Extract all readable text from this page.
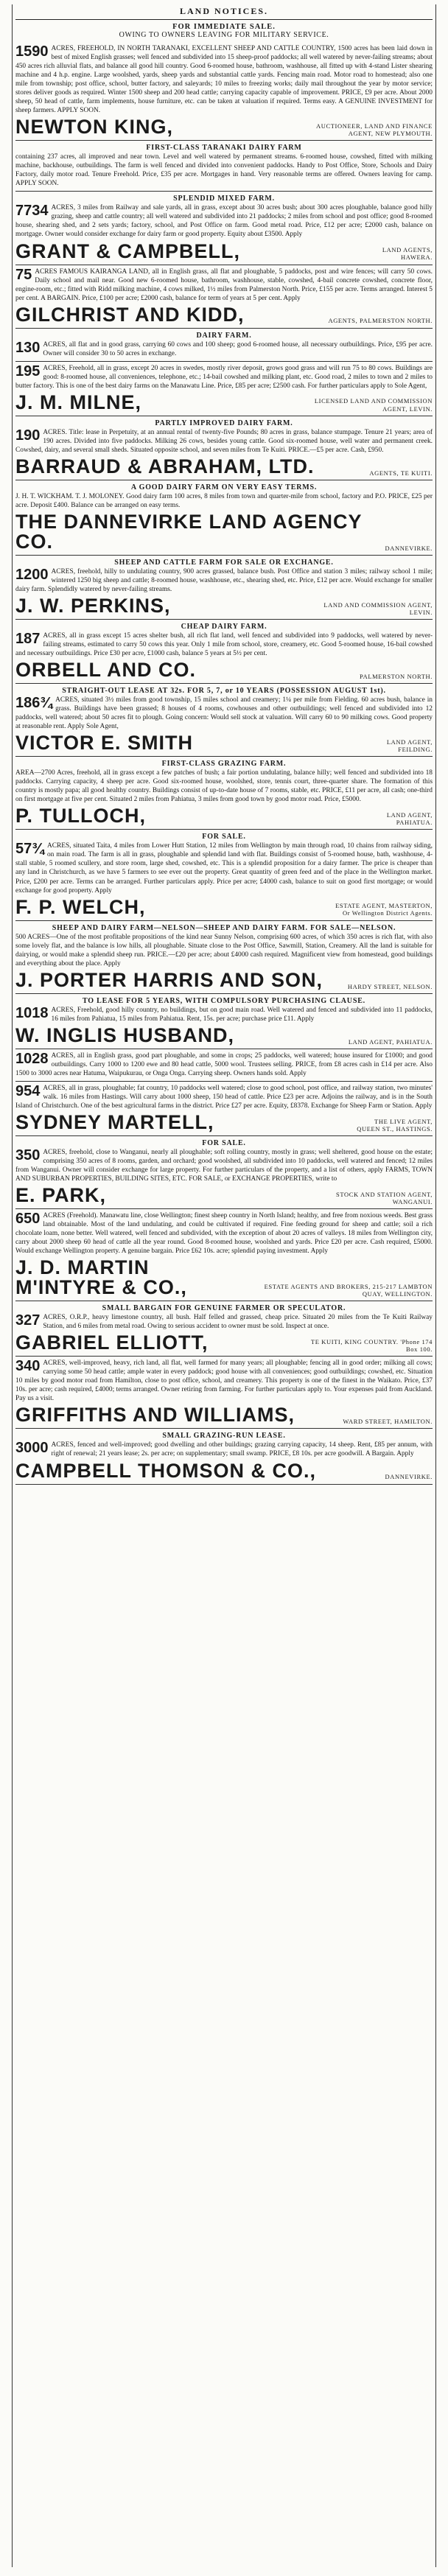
LAND NOTICES.
FOR IMMEDIATE SALE.
OWING TO OWNERS LEAVING FOR MILITARY SERVICE.
1590 ACRES, FREEHOLD, IN NORTH TARANAKI, EXCELLENT SHEEP AND CATTLE COUNTRY, 1500 acres has been laid down in best of mixed English grasses; well fenced and subdivided into 15 sheep-proof paddocks; all well watered by never-failing streams; about 450 acres rich alluvial flats, and balance all good hill country. Good 6-roomed house, bathroom, washhouse, all fitted up with 4-stand Lister shearing machine and 4 h.p. engine. Large woolshed, yards, sheep yards and substantial cattle yards. Fencing main road. Motor road to homestead; also one mile from township; post office, school, butter factory, and saleyards; 10 miles to freezing works; daily mail throughout the year by motor service; stores deliver goods as required. Winter 1500 sheep and 200 head cattle; carrying capacity capable of improvement. PRICE, £9 per acre. About 2000 sheep, 50 head of cattle, farm implements, house furniture, etc. can be taken at valuation if required. Terms easy. A GENUINE INVESTMENT for sheep farmers. APPLY SOON.
NEWTON KING,	AUCTIONEER, LAND AND FINANCE
AGENT, NEW PLYMOUTH.
FIRST-CLASS TARANAKI DAIRY FARM
containing 237 acres, all improved and near town. Level and well watered by permanent streams. 6-roomed house, cowshed, fitted with milking machine, backhouse, outbuildings. The farm is well fenced and divided into convenient paddocks. Handy to Post Office, Store, Schools and Dairy Factory, daily motor road. Tenure Freehold. Price, £35 per acre. Mortgages in hand. Very reasonable terms are offered. Owners leaving for camp. APPLY SOON.
SPLENDID MIXED FARM.
7734 ACRES, 3 miles from Railway and sale yards, all in grass, except about 30 acres bush; about 300 acres ploughable, balance good hilly grazing, sheep and cattle country; all well watered and subdivided into 21 paddocks; 2 miles from school and post office; good 8-roomed house, shearing shed, and 2 sets yards; factory, school, and Post Office on farm. Good metal road. Price, £12 per acre; £2000 cash, balance on mortgage. Owner would consider exchange for dairy farm or good property. Equity about £3500. Apply
GRANT & CAMPBELL,	LAND AGENTS,
HAWERA.
75 ACRES FAMOUS KAIRANGA LAND, all in English grass, all flat and ploughable, 5 paddocks, post and wire fences; will carry 50 cows. Daily school and mail near. Good new 6-roomed house, bathroom, washhouse, stable, cowshed, 4-bail concrete cowshed, concrete floor, engine-room, etc.; fitted with Ridd milking machine, 4 cows milked, 1½ miles from Palmerston North. Price, £155 per acre. Terms arranged. Interest 5 per cent. A BARGAIN. Price, £100 per acre; £2000 cash, balance for term of years at 5 per cent. Apply
GILCHRIST AND KIDD,	AGENTS, PALMERSTON NORTH.
DAIRY FARM.
130 ACRES, all flat and in good grass, carrying 60 cows and 100 sheep; good 6-roomed house, all necessary outbuildings. Price, £95 per acre. Owner will consider 30 to 50 acres in exchange.
195 ACRES, Freehold, all in grass, except 20 acres in swedes, mostly river deposit, grows good grass and will run 75 to 80 cows. Buildings are good: 8-roomed house, all conveniences, telephone, etc.; 14-bail cowshed and milking plant, etc. Good road, 2 miles to town and 2 miles to butter factory. This is one of the best dairy farms on the Manawatu Line. Price, £85 per acre; £2500 cash. For further particulars apply to Sole Agent,
J. M. MILNE,	LICENSED LAND AND COMMISSION
AGENT, LEVIN.
PARTLY IMPROVED DAIRY FARM.
190 ACRES. Title: lease in Perpetuity, at an annual rental of twenty-five Pounds; 80 acres in grass, balance stumpage. Tenure 21 years; area of 190 acres. Divided into five paddocks. Milking 26 cows, besides young cattle. Good six-roomed house, well water and permanent creek. Cowshed, dairy, and several small sheds. Situated opposite school, and seven miles from Te Kuiti. PRICE.—£5 per acre. Cash, £950.
BARRAUD & ABRAHAM, LTD.	AGENTS, TE KUITI.
A GOOD DAIRY FARM ON VERY EASY TERMS.
J. H. T. WICKHAM. T. J. MOLONEY. Good dairy farm 100 acres, 8 miles from town and quarter-mile from school, factory and P.O. PRICE, £25 per acre. Deposit £400. Balance can be arranged on easy terms.
THE DANNEVIRKE LAND AGENCY CO.	DANNEVIRKE.
SHEEP AND CATTLE FARM FOR SALE OR EXCHANGE.
1200 ACRES, freehold, hilly to undulating country, 900 acres grassed, balance bush. Post Office and station 3 miles; railway school 1 mile; wintered 1250 big sheep and cattle; 8-roomed house, washhouse, etc., shearing shed, etc. Price, £12 per acre. Would exchange for smaller dairy farm. Splendidly watered by never-failing streams.
J. W. PERKINS,	LAND AND COMMISSION AGENT,
LEVIN.
CHEAP DAIRY FARM.
187 ACRES, all in grass except 15 acres shelter bush, all rich flat land, well fenced and subdivided into 9 paddocks, well watered by never-failing streams, estimated to carry 50 cows this year. Only 1 mile from school, store, creamery, etc. Good 5-roomed house, 16-bail cowshed and necessary outbuildings. Price £30 per acre, £1000 cash, balance 5 years at 5½ per cent.
ORBELL AND CO.	PALMERSTON NORTH.
STRAIGHT-OUT LEASE AT 32s. FOR 5, 7, or 10 YEARS (POSSESSION AUGUST 1st).
186¾ ACRES, situated 3½ miles from good township, 15 miles school and creamery; 1¼ per mile from Fielding. 60 acres bush, balance in grass. Buildings have been grassed; 8 houses of 4 rooms, cowhouses and other outbuildings; well fenced and subdivided into 12 paddocks, well watered; about 50 acres fit to plough. Going concern: Would sell stock at valuation. Will carry 60 to 90 milking cows. Good property at reasonable rent. Apply Sole Agent,
VICTOR E. SMITH	LAND AGENT,
FEILDING.
FIRST-CLASS GRAZING FARM.
AREA—2700 Acres, freehold, all in grass except a few patches of bush; a fair portion undulating, balance hilly; well fenced and subdivided into 18 paddocks. Carrying capacity, 4 sheep per acre. Good six-roomed house, woolshed, store, tennis court, three-quarter share. The formation of this country is mostly papa; all good healthy country. Buildings consist of up-to-date house of 7 rooms, stable, etc. PRICE, £11 per acre, all cash; one-third on first mortgage at five per cent. Situated 2 miles from Pahiatua, 3 miles from good town by good motor road. Price, £5000.
P. TULLOCH,	LAND AGENT,
PAHIATUA.
FOR SALE.
57¾ ACRES, situated Taita, 4 miles from Lower Hutt Station, 12 miles from Wellington by main through road, 10 chains from railway siding, on main road. The farm is all in grass, ploughable and splendid land with flat. Buildings consist of 5-roomed house, bath, washhouse, 4-stall stable, 5 roomed scullery, and store room, large shed, cowshed, etc. This is a splendid proposition for a dairy farmer. The price is cheaper than any land in Christchurch, as we have 5 farmers to see ever out the property. Great quantity of green feed and of the place in the Wellington market. Price, £200 per acre. Terms can be arranged. Further particulars apply. Price per acre; £4000 cash, balance to suit on good first mortgage; or would exchange for good property. Apply
F. P. WELCH,	ESTATE AGENT, MASTERTON,
Or Wellington District Agents.
SHEEP AND DAIRY FARM—NELSON—SHEEP AND DAIRY FARM. FOR SALE—NELSON.
500 ACRES—One of the most profitable propositions of the kind near Sunny Nelson, comprising 600 acres, of which 350 acres is rich flat, with also some lovely flat, and the balance is low hills, all ploughable. Situate close to the Post Office, Sawmill, Station, Creamery. All the land is suitable for dairying, or would make a splendid sheep run. PRICE.—£20 per acre; about £4000 cash required. Magnificent view from homestead, good buildings and everything about the place. Apply
J. PORTER HARRIS AND SON,	HARDY STREET, NELSON.
TO LEASE FOR 5 YEARS, WITH COMPULSORY PURCHASING CLAUSE.
1018 ACRES, Freehold, good hilly country, no buildings, but on good main road. Well watered and fenced and subdivided into 11 paddocks, 16 miles from Pahiatua, 15 miles from Pahiatua. Rent, 15s. per acre; purchase price £11. Apply
W. INGLIS HUSBAND,	LAND AGENT, PAHIATUA.
1028 ACRES, all in English grass, good part ploughable, and some in crops; 25 paddocks, well watered; house insured for £1000; and good outbuildings. Carry 1000 to 1200 ewe and 80 head cattle, 5000 wool. Trustees selling. PRICE, from £8 acres cash in £14 per acre. Also 1500 to 3000 acres near Hatuma, Waipukurau, or Onga Onga. Carrying sheep. Owners hands sold. Apply
954 ACRES, all in grass, ploughable; fat country, 10 paddocks well watered; close to good school, post office, and railway station, two minutes' walk. 16 miles from Hastings. Will carry about 1000 sheep, 150 head of cattle. Price £23 per acre. Adjoins the railway, and is in the South Island of Christchurch. One of the best agricultural farms in the district. Price £27 per acre. Equity, £8378. Exchange for Sheep Farm or Station. Apply
SYDNEY MARTELL,	THE LIVE AGENT,
QUEEN ST., HASTINGS.
FOR SALE.
350 ACRES, freehold, close to Wanganui, nearly all ploughable; soft rolling country, mostly in grass; well sheltered, good house on the estate; comprising 350 acres of 8 rooms, garden, and orchard; good woolshed, all subdivided into 10 paddocks, well watered and fenced; 12 miles from Wanganui. Owner will consider exchange for large property. For further particulars of the property, and a list of others, apply FARMS, TOWN AND SUBURBAN PROPERTIES, BUILDING SITES, ETC. FOR SALE, or EXCHANGE PROPERTIES, write to
E. PARK,	STOCK AND STATION AGENT,
WANGANUI.
650 ACRES (Freehold). Manawatu line, close Wellington; finest sheep country in North Island; healthy, and free from noxious weeds. Best grass land obtainable. Most of the land undulating, and could be cultivated if required. Fine feeding ground for sheep and cattle; soil a rich chocolate loam, none better. Well watered, well fenced and subdivided, with the exception of about 20 acres of valleys. 18 miles from Wellington city, carry about 2000 sheep 60 head of cattle all the year round. Good 8-roomed house, woolshed and yards. Price £20 per acre. Cash required, £5000. Would exchange Wellington property. A genuine bargain. Price £62 10s. acre; splendid paying investment. Apply
J. D. MARTIN M'INTYRE & CO.,	ESTATE AGENTS AND BROKERS, 215-217 LAMBTON QUAY, WELLINGTON.
SMALL BARGAIN FOR GENUINE FARMER OR SPECULATOR.
327 ACRES, O.R.P., heavy limestone country, all bush. Half felled and grassed, cheap price. Situated 20 miles from the Te Kuiti Railway Station, and 6 miles from metal road. Owing to serious accident to owner must be sold. Inspect at once.
GABRIEL ELLIOTT,	TE KUITI, KING COUNTRY. 'Phone 174
Box 100.
340 ACRES, well-improved, heavy, rich land, all flat, well farmed for many years; all ploughable; fencing all in good order; milking all cows; carrying some 50 head cattle; ample water in every paddock; good house with all conveniences; good outbuildings; cowshed, etc. Situation 10 miles by good motor road from Hamilton, close to post office, school, and creamery. This property is one of the finest in the Waikato. Price, £37 10s. per acre; cash required, £4000; terms arranged. Owner retiring from farming. For further particulars apply to. Your expenses paid from Auckland. Pay us a visit.
GRIFFITHS AND WILLIAMS,	WARD STREET, HAMILTON.
SMALL GRAZING-RUN LEASE.
3000 ACRES, fenced and well-improved; good dwelling and other buildings; grazing carrying capacity, 14 sheep. Rent, £85 per annum, with right of renewal; 21 years lease; 2s. per acre; on supplementary; small swamp. PRICE, £8 10s. per acre goodwill. A Bargain. Apply
CAMPBELL THOMSON & CO.,	DANNEVIRKE.
